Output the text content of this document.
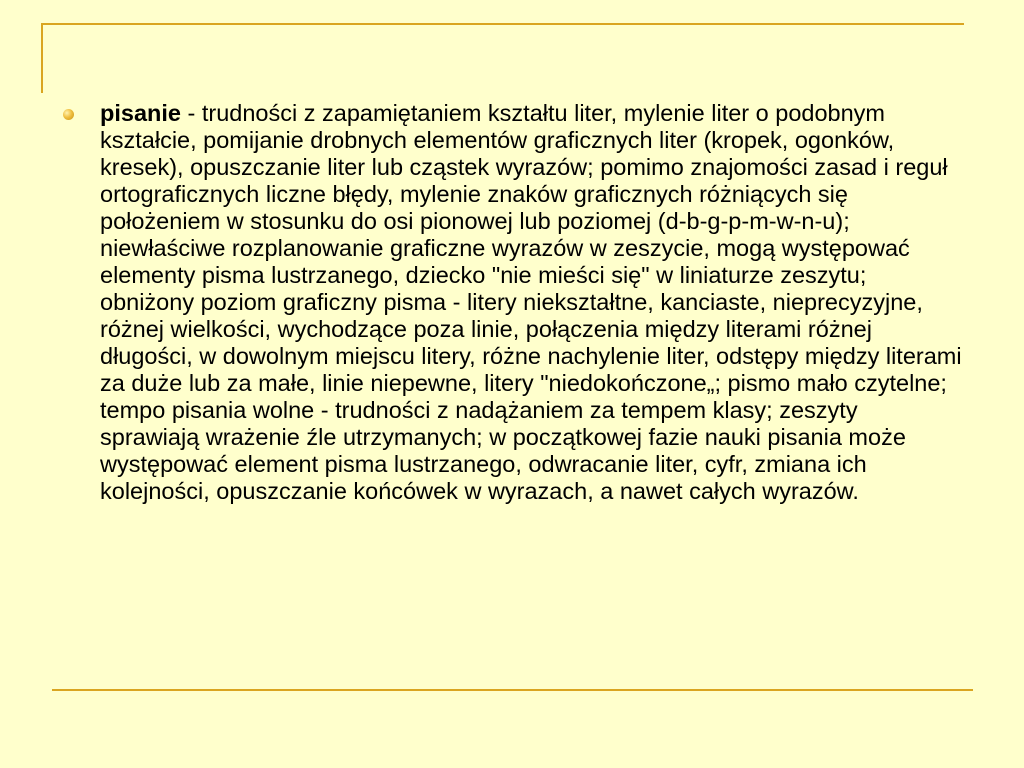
pisanie - trudności z zapamiętaniem kształtu liter, mylenie liter o podobnym kształcie, pomijanie drobnych elementów graficznych liter (kropek, ogonków, kresek), opuszczanie liter lub cząstek wyrazów; pomimo znajomości zasad i reguł ortograficznych liczne błędy, mylenie znaków graficznych różniących się położeniem w stosunku do osi pionowej lub poziomej (d-b-g-p-m-w-n-u); niewłaściwe rozplanowanie graficzne wyrazów w zeszycie, mogą występować elementy pisma lustrzanego, dziecko "nie mieści się" w liniaturze zeszytu; obniżony poziom graficzny pisma - litery niekształtne, kanciaste, nieprecyzyjne, różnej wielkości, wychodzące poza linie, połączenia między literami różnej długości, w dowolnym miejscu litery, różne nachylenie liter, odstępy między literami za duże lub za małe, linie niepewne, litery "niedokończone„; pismo mało czytelne; tempo pisania wolne - trudności z nadążaniem za tempem klasy; zeszyty sprawiają wrażenie źle utrzymanych; w początkowej fazie nauki pisania może występować element pisma lustrzanego, odwracanie liter, cyfr, zmiana ich kolejności, opuszczanie końcówek w wyrazach, a nawet całych wyrazów.
